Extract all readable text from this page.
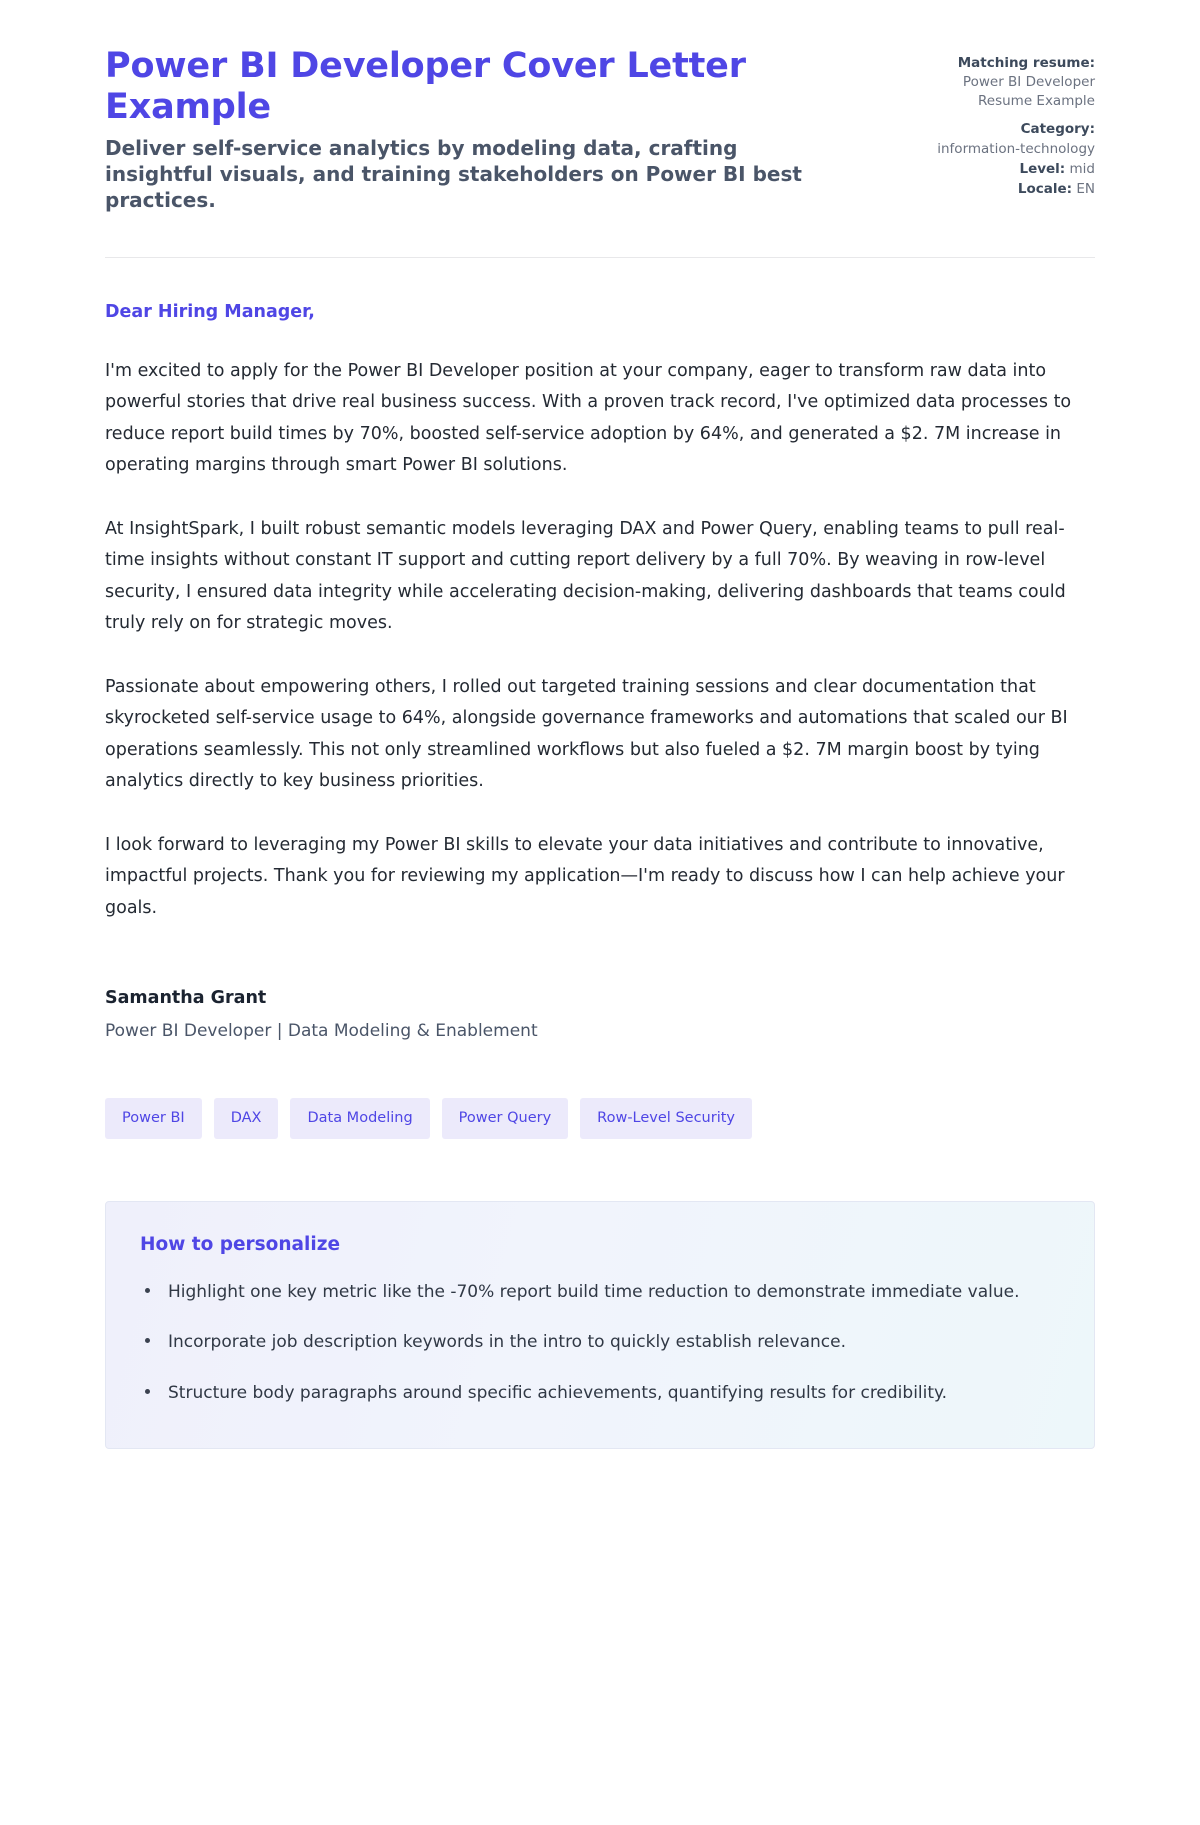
Power BI Developer Cover Letter Example

Deliver self-service analytics by modeling data, crafting insightful visuals, and training stakeholders on Power BI best practices.

Matching resume:
Power BI Developer
Resume Example
Category:
information-technology
Level: mid
Locale: EN

Dear Hiring Manager,

I'm excited to apply for the Power BI Developer position at your company, eager to transform raw data into powerful stories that drive real business success. With a proven track record, I've optimized data processes to reduce report build times by 70%, boosted self-service adoption by 64%, and generated a $2. 7M increase in operating margins through smart Power BI solutions.

At InsightSpark, I built robust semantic models leveraging DAX and Power Query, enabling teams to pull real-time insights without constant IT support and cutting report delivery by a full 70%. By weaving in row-level security, I ensured data integrity while accelerating decision-making, delivering dashboards that teams could truly rely on for strategic moves.

Passionate about empowering others, I rolled out targeted training sessions and clear documentation that skyrocketed self-service usage to 64%, alongside governance frameworks and automations that scaled our BI operations seamlessly. This not only streamlined workflows but also fueled a $2. 7M margin boost by tying analytics directly to key business priorities.

I look forward to leveraging my Power BI skills to elevate your data initiatives and contribute to innovative, impactful projects. Thank you for reviewing my application—I'm ready to discuss how I can help achieve your goals.

Samantha Grant

Power BI Developer | Data Modeling & Enablement

Power BI	DAX	Data Modeling	Power Query	Row-Level Security

How to personalize

Highlight one key metric like the -70% report build time reduction to demonstrate immediate value.
Incorporate job description keywords in the intro to quickly establish relevance.
Structure body paragraphs around specific achievements, quantifying results for credibility.
